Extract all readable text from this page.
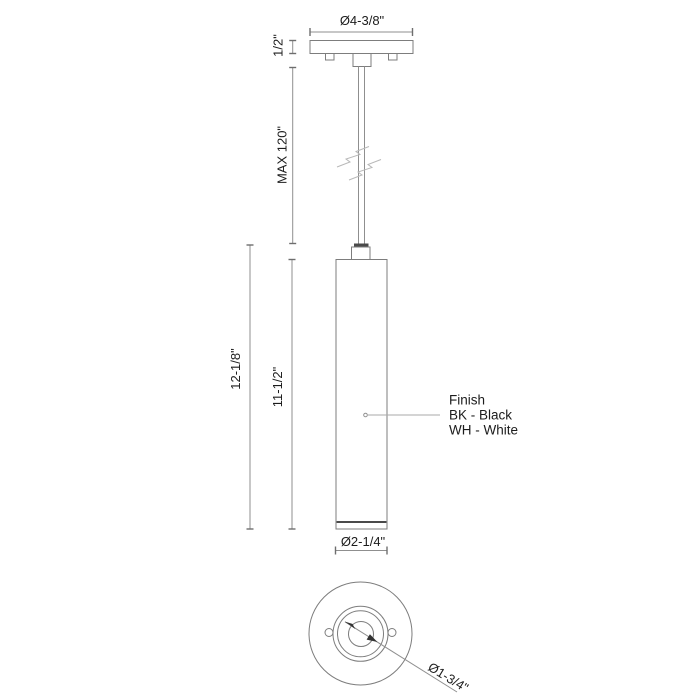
Ø4-3/8"
1/2"
MAX 120"
Finish
BK - Black
WH - White
12-1/8" 11-1/2"
Ø2-1/4"
Ø1-3/4"
